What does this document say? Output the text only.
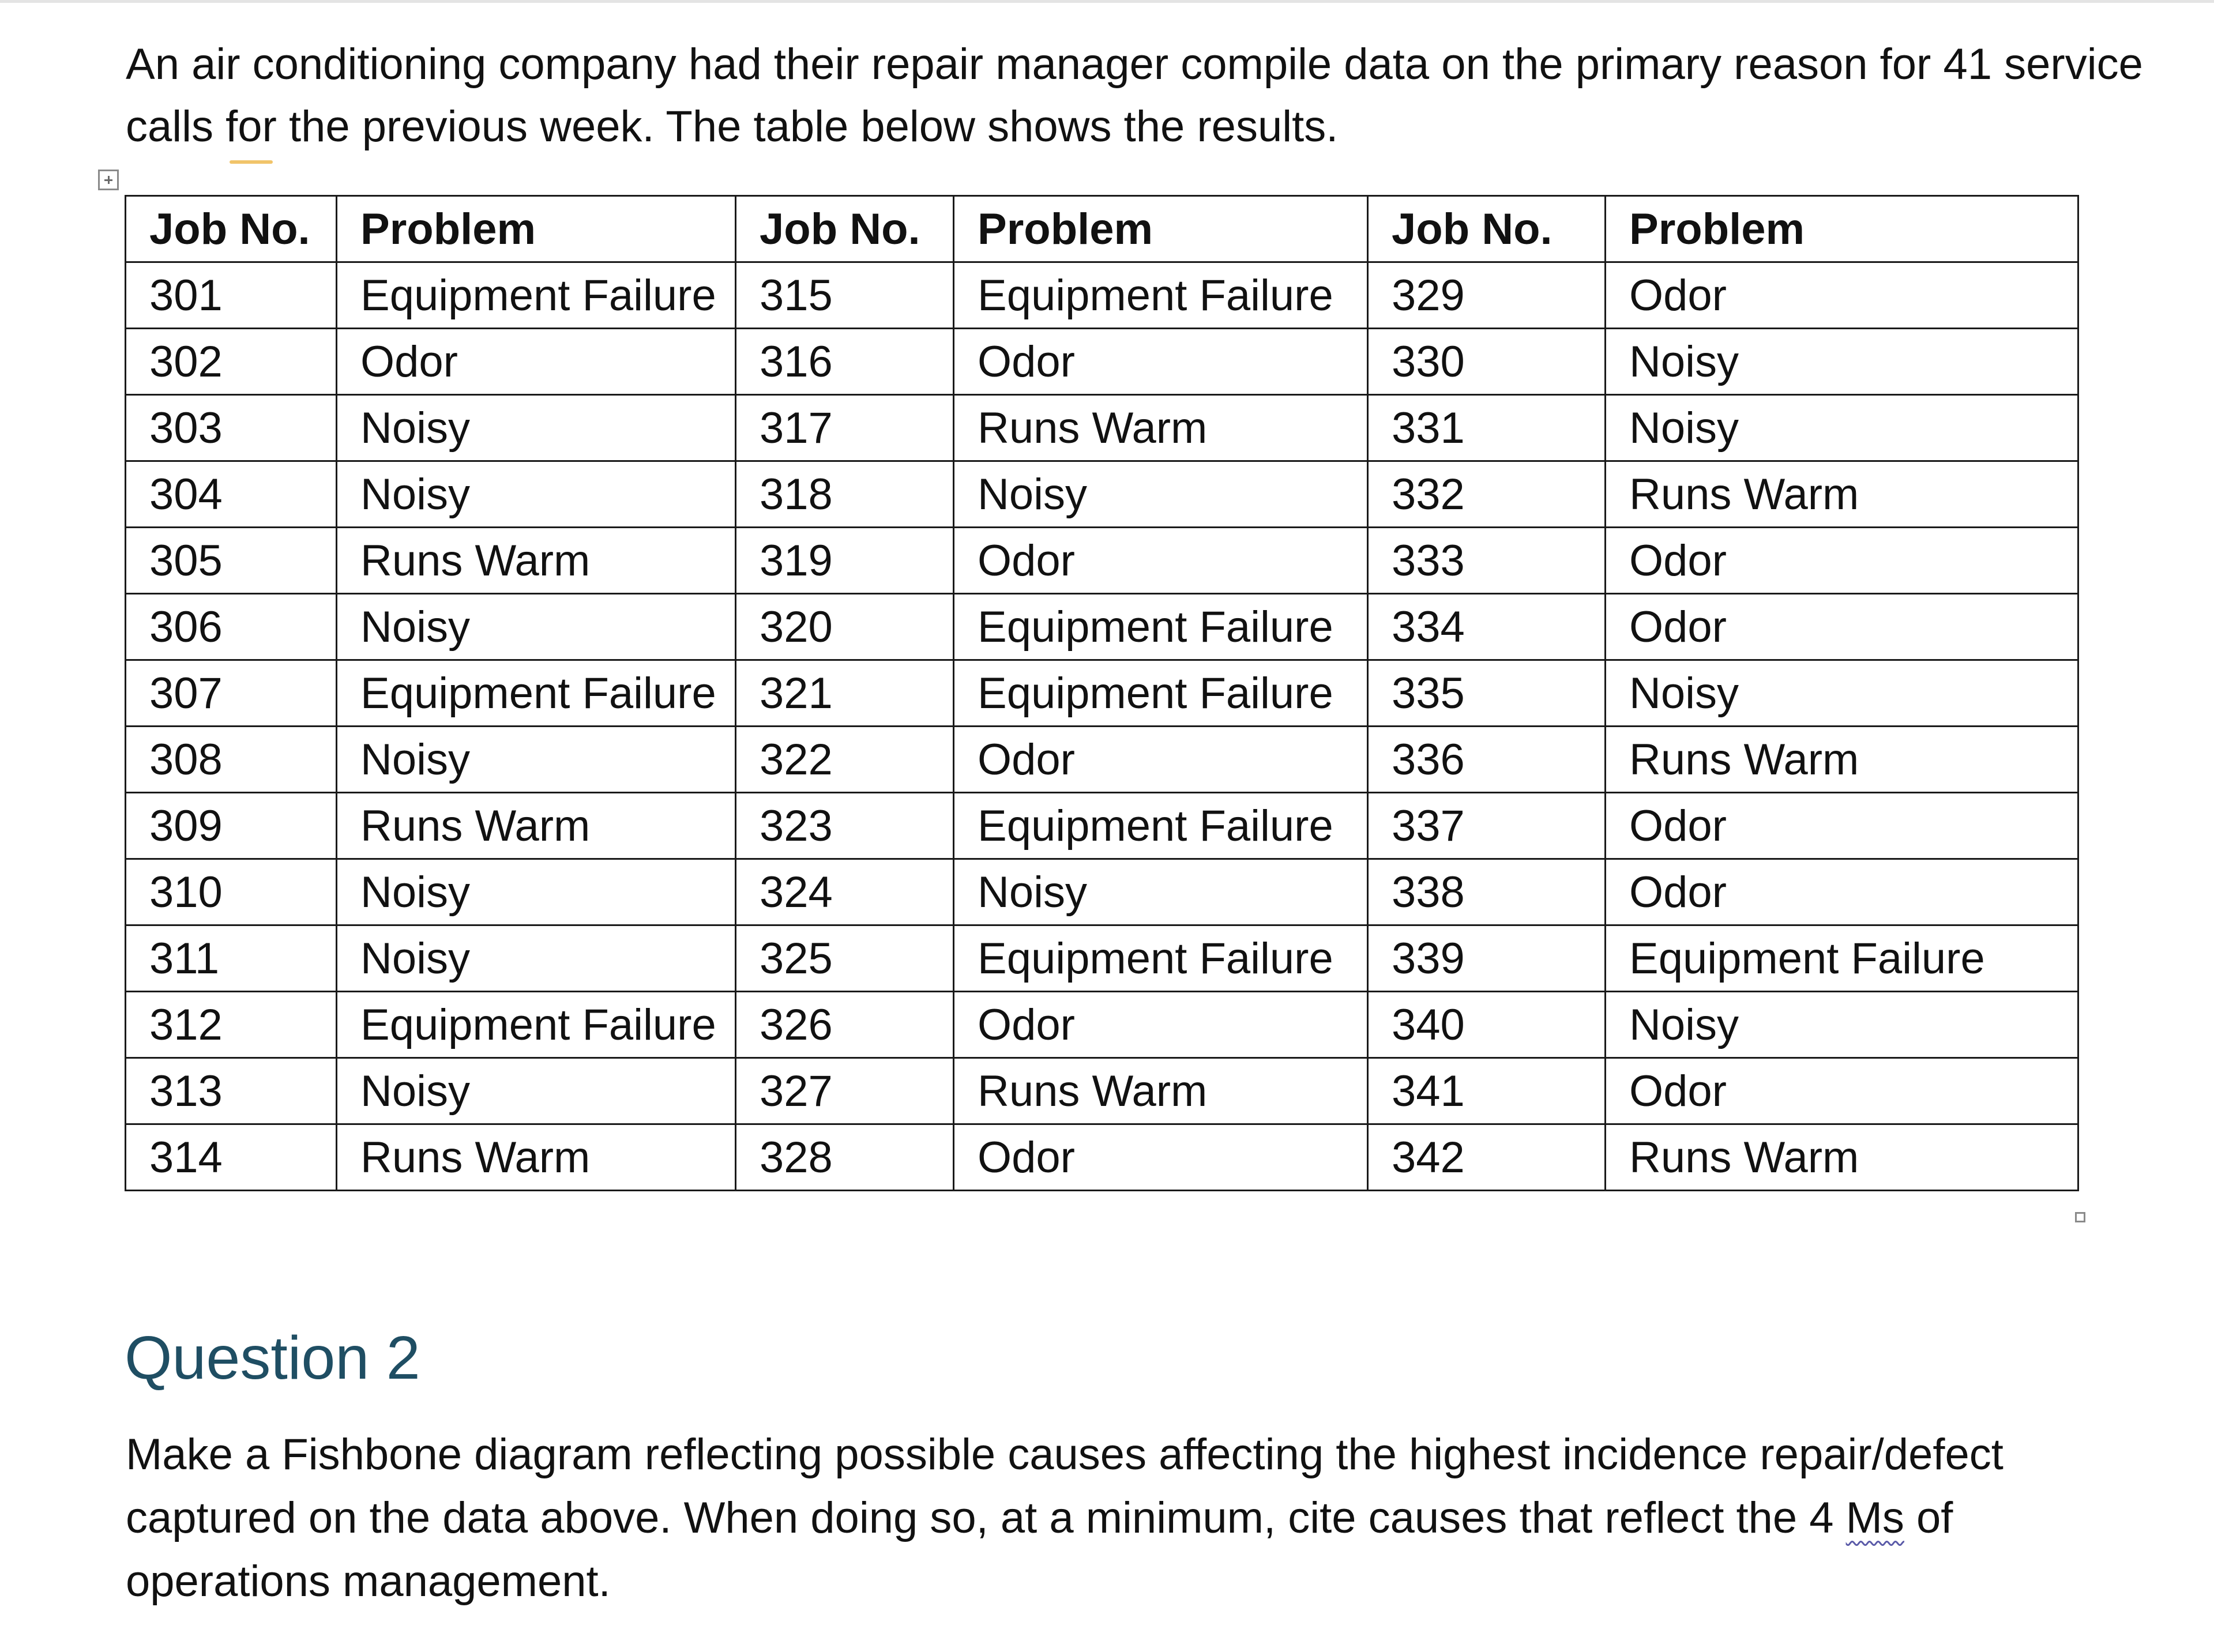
An air conditioning company had their repair manager compile data on the primary reason for 41 service calls for the previous week. The table below shows the results.

Job No.	Problem	Job No.	Problem	Job No.	Problem
301	Equipment Failure	315	Equipment Failure	329	Odor
302	Odor	316	Odor	330	Noisy
303	Noisy	317	Runs Warm	331	Noisy
304	Noisy	318	Noisy	332	Runs Warm
305	Runs Warm	319	Odor	333	Odor
306	Noisy	320	Equipment Failure	334	Odor
307	Equipment Failure	321	Equipment Failure	335	Noisy
308	Noisy	322	Odor	336	Runs Warm
309	Runs Warm	323	Equipment Failure	337	Odor
310	Noisy	324	Noisy	338	Odor
311	Noisy	325	Equipment Failure	339	Equipment Failure
312	Equipment Failure	326	Odor	340	Noisy
313	Noisy	327	Runs Warm	341	Odor
314	Runs Warm	328	Odor	342	Runs Warm
Question 2

Make a Fishbone diagram reflecting possible causes affecting the highest incidence repair/defect captured on the data above. When doing so, at a minimum, cite causes that reflect the 4 Ms of operations management.
